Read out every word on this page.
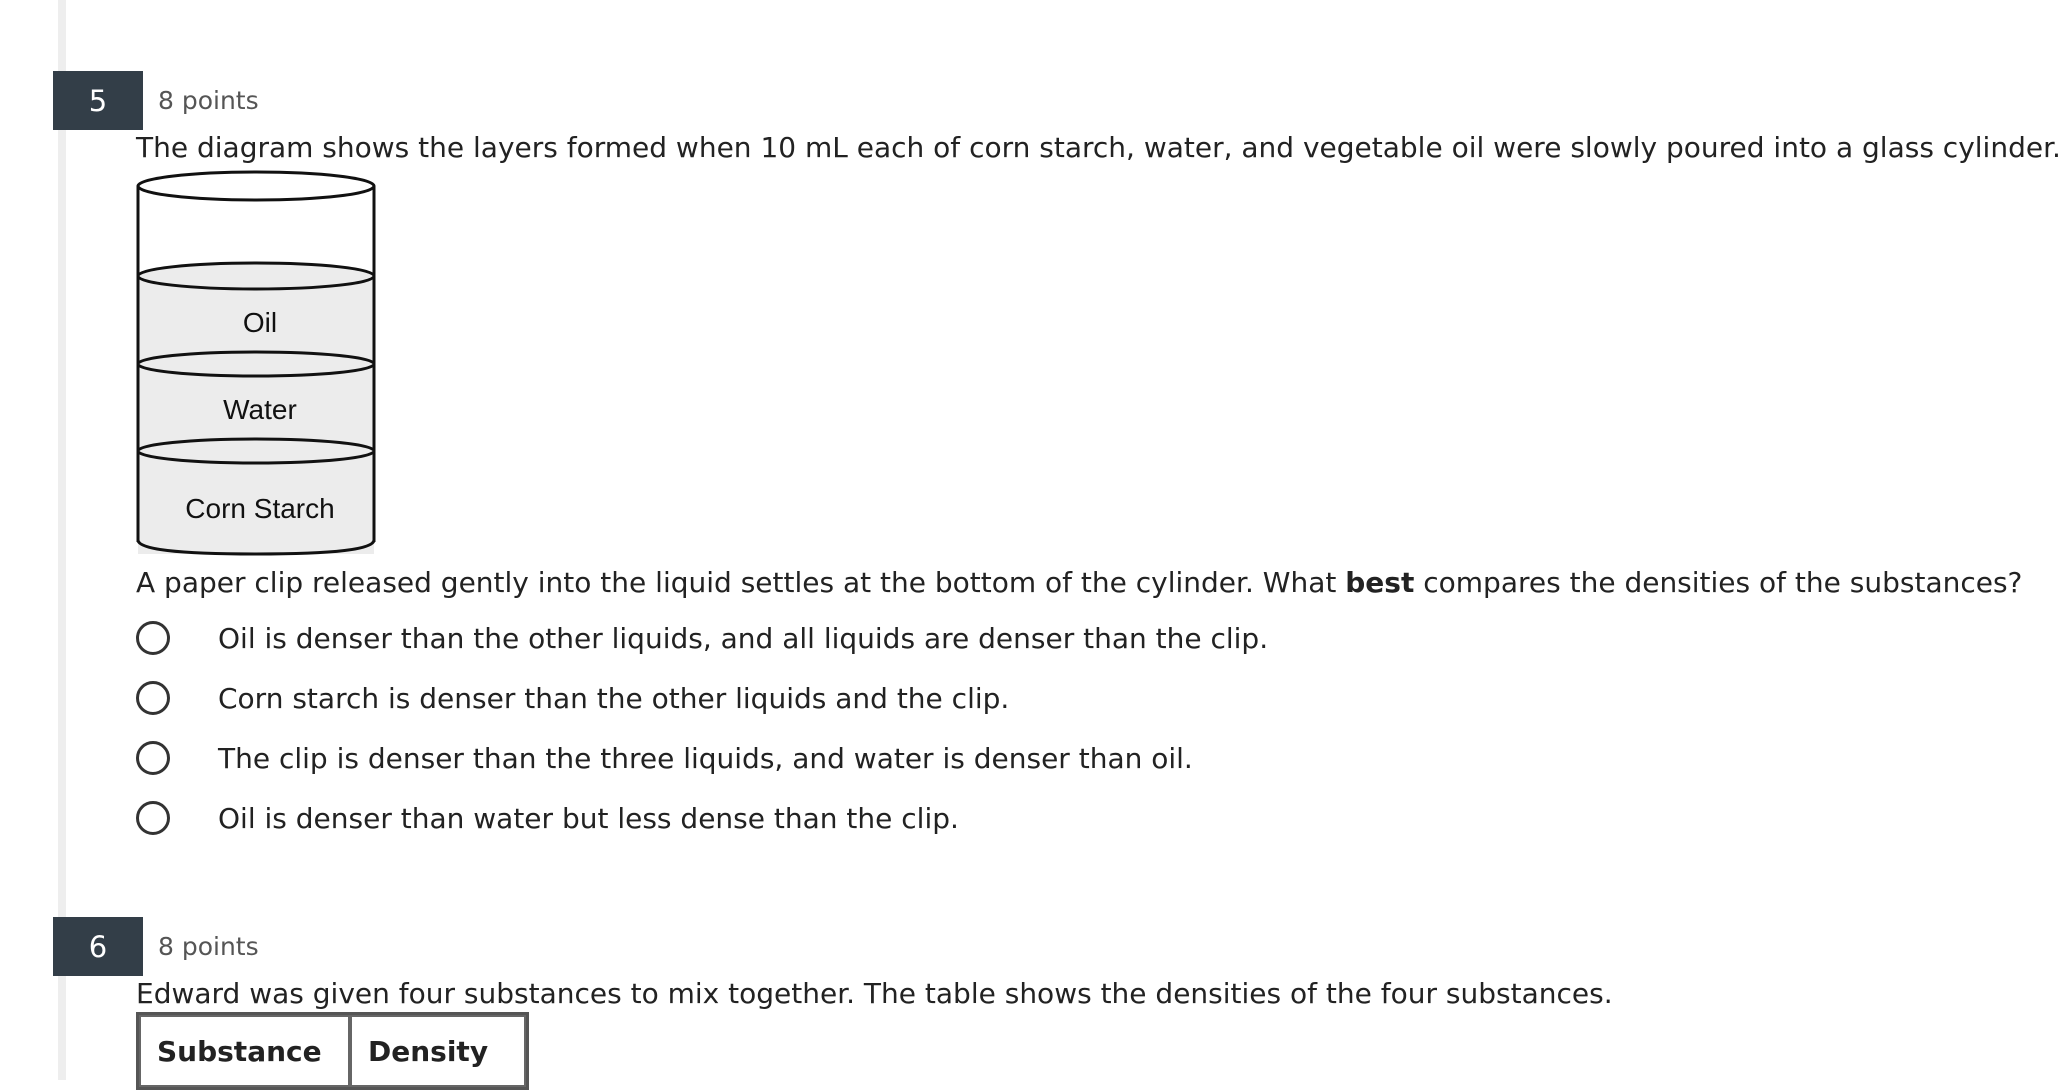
5	8 points
The diagram shows the layers formed when 10 mL each of corn starch, water, and vegetable oil were slowly poured into a glass cylinder.
Oil
Water
Corn Starch
A paper clip released gently into the liquid settles at the bottom of the cylinder. What best compares the densities of the substances?
Oil is denser than the other liquids, and all liquids are denser than the clip.
Corn starch is denser than the other liquids and the clip.
The clip is denser than the three liquids, and water is denser than oil.
Oil is denser than water but less dense than the clip.
6	8 points
Edward was given four substances to mix together. The table shows the densities of the four substances.
Substance	Density
